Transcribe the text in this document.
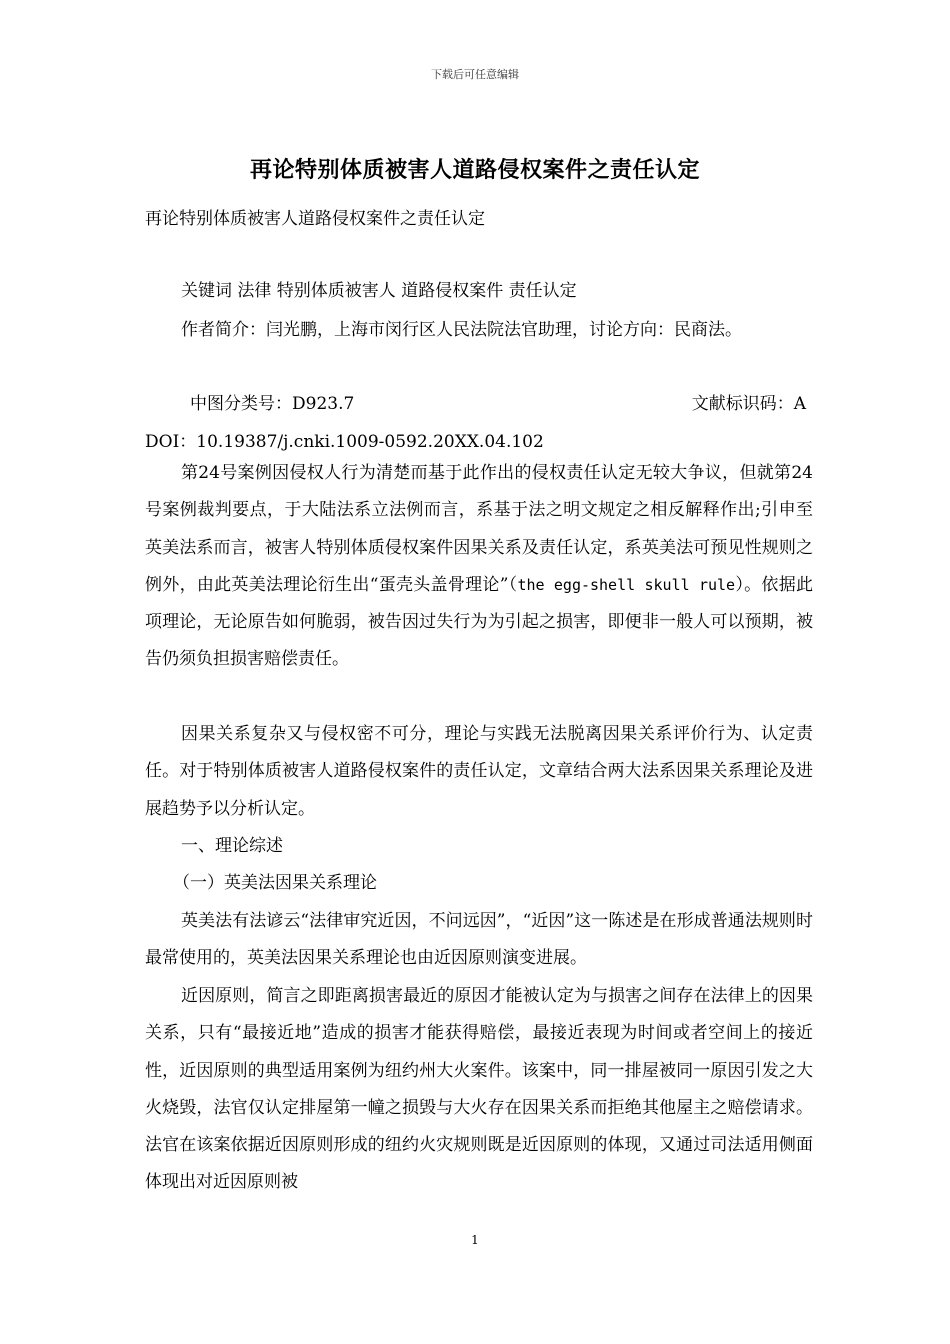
下载后可任意编辑
再论特别体质被害人道路侵权案件之责任认定
再论特别体质被害人道路侵权案件之责任认定
关键词 法律 特别体质被害人 道路侵权案件 责任认定
作者简介：闫光鹏，上海市闵行区人民法院法官助理，讨论方向：民商法。
中图分类号：D923.7	文献标识码：A
DOI：10.19387/j.cnki.1009-0592.20XX.04.102
第24号案例因侵权人行为清楚而基于此作出的侵权责任认定无较大争议，但就第24号案例裁判要点，于大陆法系立法例而言，系基于法之明文规定之相反解释作出;引申至英美法系而言，被害人特别体质侵权案件因果关系及责任认定，系英美法可预见性规则之例外，由此英美法理论衍生出“蛋壳头盖骨理论”（the egg-shell skull rule）。依据此项理论，无论原告如何脆弱，被告因过失行为为引起之损害，即便非一般人可以预期，被告仍须负担损害赔偿责任。
因果关系复杂又与侵权密不可分，理论与实践无法脱离因果关系评价行为、认定责任。对于特别体质被害人道路侵权案件的责任认定，文章结合两大法系因果关系理论及进展趋势予以分析认定。
一、理论综述
（一）英美法因果关系理论
英美法有法谚云“法律审究近因，不问远因”，“近因”这一陈述是在形成普通法规则时最常使用的，英美法因果关系理论也由近因原则演变进展。
近因原则，简言之即距离损害最近的原因才能被认定为与损害之间存在法律上的因果关系，只有“最接近地”造成的损害才能获得赔偿，最接近表现为时间或者空间上的接近性，近因原则的典型适用案例为纽约州大火案件。该案中，同一排屋被同一原因引发之大火烧毁，法官仅认定排屋第一幢之损毁与大火存在因果关系而拒绝其他屋主之赔偿请求。法官在该案依据近因原则形成的纽约火灾规则既是近因原则的体现，又通过司法适用侧面体现出对近因原则被
1
